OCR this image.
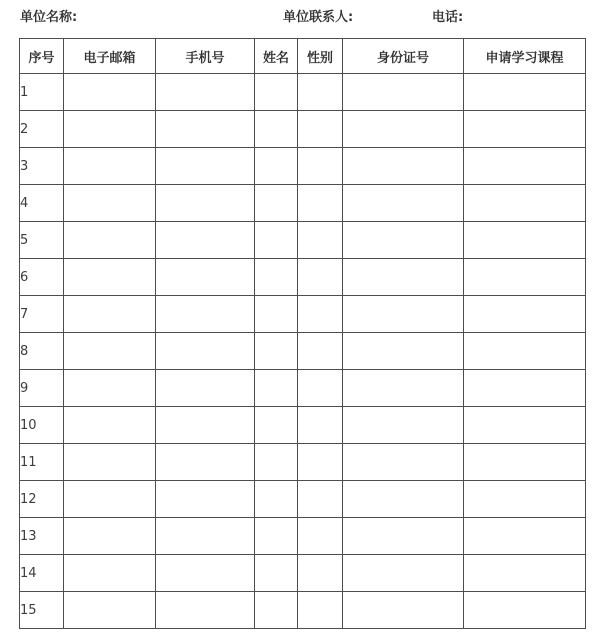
单位名称:	单位联系人:	电话:
序号	电子邮箱	手机号	姓名	性别	身份证号	申请学习课程
1						
2						
3						
4						
5						
6						
7						
8						
9						
10						
11						
12						
13						
14						
15						
